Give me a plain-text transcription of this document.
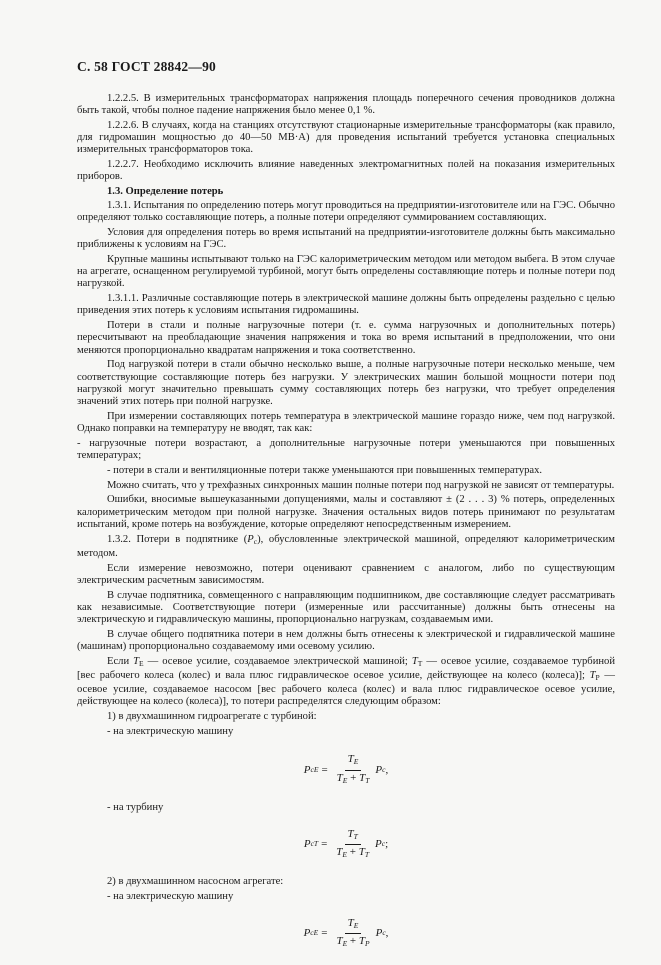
С. 58 ГОСТ 28842—90

1.2.2.5. В измерительных трансформаторах напряжения площадь поперечного сечения проводников должна быть такой, чтобы полное падение напряжения было менее 0,1 %.

1.2.2.6. В случаях, когда на станциях отсутствуют стационарные измерительные трансформаторы (как правило, для гидромашин мощностью до 40—50 МВ·А) для проведения испытаний требуется установка специальных измерительных трансформаторов тока.

1.2.2.7. Необходимо исключить влияние наведенных электромагнитных полей на показания измерительных приборов.

1.3. Определение потерь

1.3.1. Испытания по определению потерь могут проводиться на предприятии-изготовителе или на ГЭС. Обычно определяют только составляющие потерь, а полные потери определяют суммированием составляющих.

Условия для определения потерь во время испытаний на предприятии-изготовителе должны быть максимально приближены к условиям на ГЭС.

Крупные машины испытывают только на ГЭС калориметрическим методом или методом выбега. В этом случае на агрегате, оснащенном регулируемой турбиной, могут быть определены составляющие потерь и полные потери под нагрузкой.

1.3.1.1. Различные составляющие потерь в электрической машине должны быть определены раздельно с целью приведения этих потерь к условиям испытания гидромашины.

Потери в стали и полные нагрузочные потери (т. е. сумма нагрузочных и дополнительных потерь) пересчитывают на преобладающие значения напряжения и тока во время испытаний в предположении, что они меняются пропорционально квадратам напряжения и тока соответственно.

Под нагрузкой потери в стали обычно несколько выше, а полные нагрузочные потери несколько меньше, чем соответствующие составляющие потерь без нагрузки. У электрических машин большой мощности потери под нагрузкой могут значительно превышать сумму составляющих потерь без нагрузки, что требует определения значений этих потерь при полной нагрузке.

При измерении составляющих потерь температура в электрической машине гораздо ниже, чем под нагрузкой. Однако поправки на температуру не вводят, так как:

- нагрузочные потери возрастают, а дополнительные нагрузочные потери уменьшаются при повышенных температурах;

- потери в стали и вентиляционные потери также уменьшаются при повышенных температурах.

Можно считать, что у трехфазных синхронных машин полные потери под нагрузкой не зависят от температуры.

Ошибки, вносимые вышеуказанными допущениями, малы и составляют ± (2 . . . 3) % потерь, определенных калориметрическим методом при полной нагрузке. Значения остальных видов потерь принимают по результатам испытаний, кроме потерь на возбуждение, которые определяют непосредственным измерением.

1.3.2. Потери в подпятнике $(P_c)$, обусловленные электрической машиной, определяют калориметрическим методом.

Если измерение невозможно, потери оценивают сравнением с аналогом, либо по существующим электрическим расчетным зависимостям.

В случае подпятника, совмещенного с направляющим подшипником, две составляющие следует рассматривать как независимые. Соответствующие потери (измеренные или рассчитанные) должны быть отнесены на электрическую и гидравлическую машины, пропорционально нагрузкам, создаваемым ими.

В случае общего подпятника потери в нем должны быть отнесены к электрической и гидравлической машине (машинам) пропорционально создаваемому ими осевому усилию.

Если $T_E$ — осевое усилие, создаваемое электрической машиной; $T_T$ — осевое усилие, создаваемое турбиной [вес рабочего колеса (колес) и вала плюс гидравлическое осевое усилие, действующее на колесо (колеса)]; $T_P$ — осевое усилие, создаваемое насосом [вес рабочего колеса (колес) и вала плюс гидравлическое осевое усилие, действующее на колесо (колеса)], то потери распределятся следующим образом:

1) в двухмашинном гидроагрегате с турбиной:

- на электрическую машину

P cE = $\frac{T_E}{T_E + T_T}$ P c ,

- на турбину

P cT = $\frac{T_T}{T_E + T_T}$ P c ;

2) в двухмашинном насосном агрегате:

- на электрическую машину

P cE = $\frac{T_E}{T_E + T_P}$ P c ,
